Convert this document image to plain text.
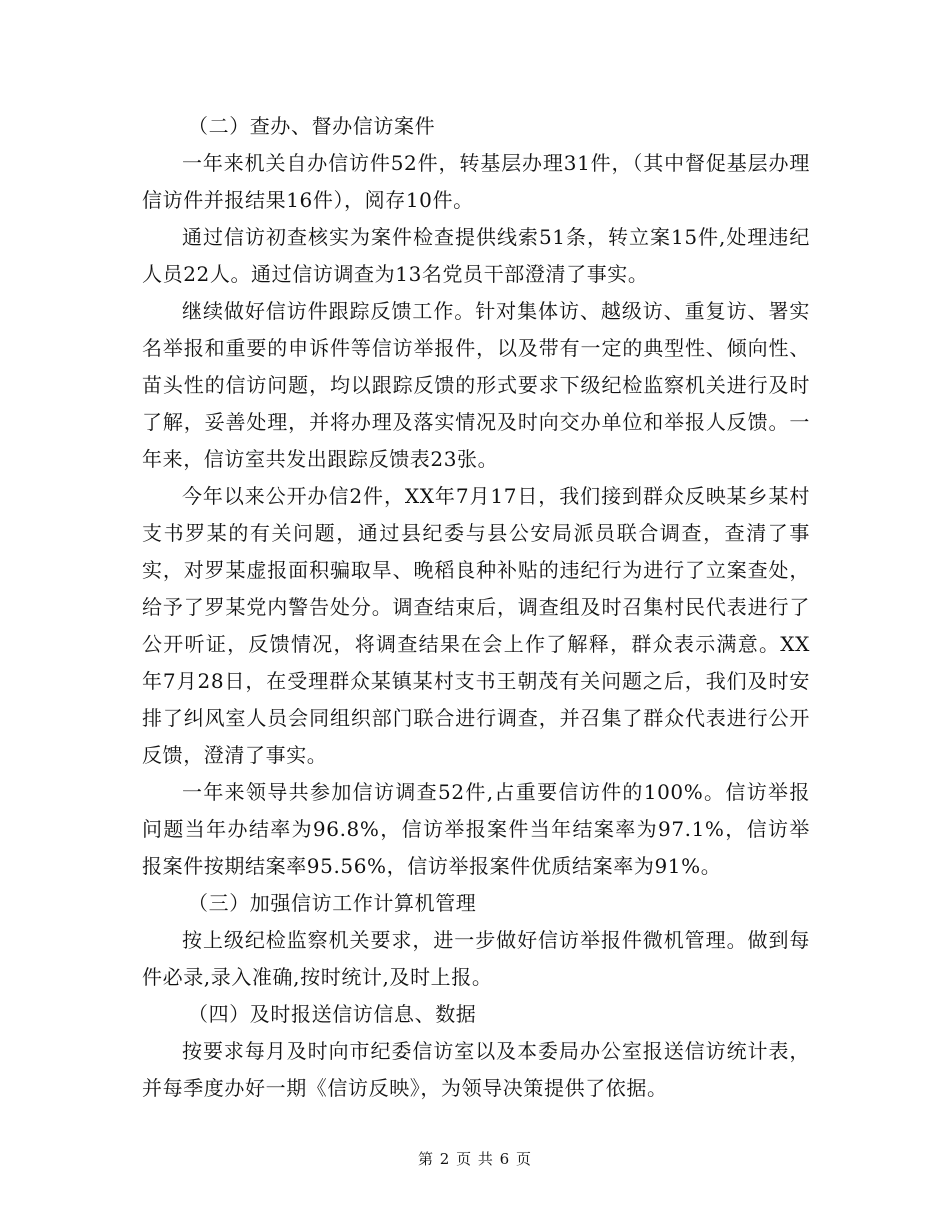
（二）查办、督办信访案件

一年来机关自办信访件52件，转基层办理31件，（其中督促基层办理信访件并报结果16件），阅存10件。

通过信访初查核实为案件检查提供线索51条，转立案15件,处理违纪人员22人。通过信访调查为13名党员干部澄清了事实。

继续做好信访件跟踪反馈工作。针对集体访、越级访、重复访、署实名举报和重要的申诉件等信访举报件，以及带有一定的典型性、倾向性、苗头性的信访问题，均以跟踪反馈的形式要求下级纪检监察机关进行及时了解，妥善处理，并将办理及落实情况及时向交办单位和举报人反馈。一年来，信访室共发出跟踪反馈表23张。

今年以来公开办信2件，XX年7月17日，我们接到群众反映某乡某村支书罗某的有关问题，通过县纪委与县公安局派员联合调查，查清了事实，对罗某虚报面积骗取旱、晚稻良种补贴的违纪行为进行了立案查处，给予了罗某党内警告处分。调查结束后，调查组及时召集村民代表进行了公开听证，反馈情况，将调查结果在会上作了解释，群众表示满意。XX年7月28日，在受理群众某镇某村支书王朝茂有关问题之后，我们及时安排了纠风室人员会同组织部门联合进行调查，并召集了群众代表进行公开反馈，澄清了事实。

一年来领导共参加信访调查52件,占重要信访件的100%。信访举报问题当年办结率为96.8%，信访举报案件当年结案率为97.1%，信访举报案件按期结案率95.56%，信访举报案件优质结案率为91%。

（三）加强信访工作计算机管理

按上级纪检监察机关要求，进一步做好信访举报件微机管理。做到每件必录,录入准确,按时统计,及时上报。

（四）及时报送信访信息、数据

按要求每月及时向市纪委信访室以及本委局办公室报送信访统计表，并每季度办好一期《信访反映》，为领导决策提供了依据。

第 2 页 共 6 页
